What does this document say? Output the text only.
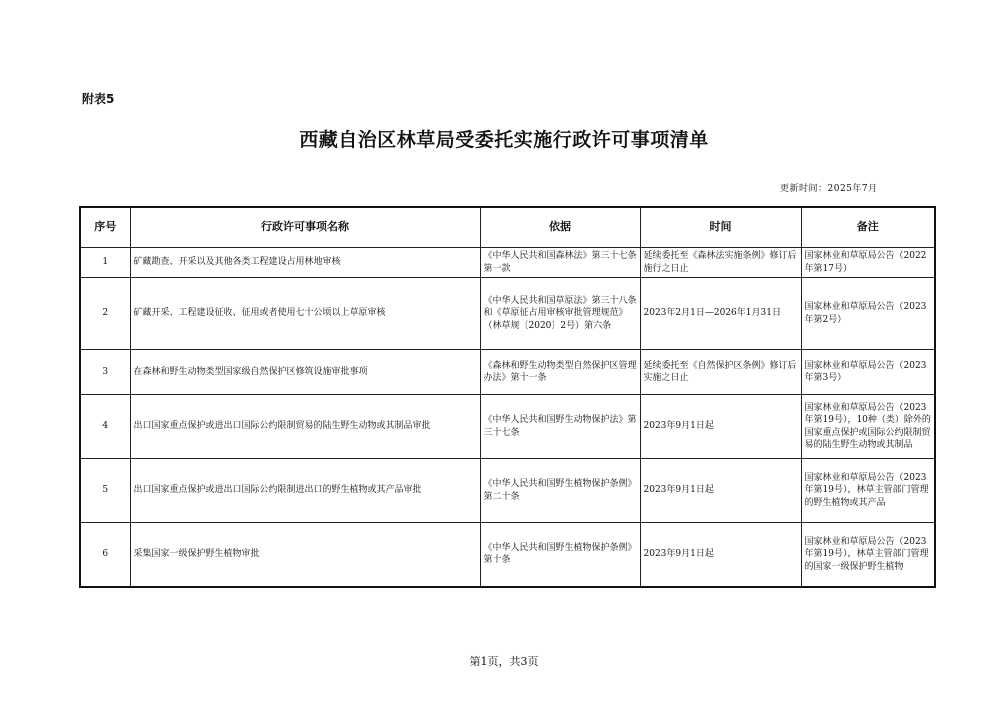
附表5
西藏自治区林草局受委托实施行政许可事项清单
更新时间：2025年7月
序号	行政许可事项名称	依据	时间	备注
1	矿藏勘查、开采以及其他各类工程建设占用林地审核	《中华人民共和国森林法》第三十七条第一款	延续委托至《森林法实施条例》修订后施行之日止	国家林业和草原局公告（2022年第17号）
2	矿藏开采、工程建设征收、征用或者使用七十公顷以上草原审核	《中华人民共和国草原法》第三十八条和《草原征占用审核审批管理规范》（林草规〔2020〕2号）第六条	2023年2月1日—2026年1月31日	国家林业和草原局公告（2023年第2号）
3	在森林和野生动物类型国家级自然保护区修筑设施审批事项	《森林和野生动物类型自然保护区管理办法》第十一条	延续委托至《自然保护区条例》修订后实施之日止	国家林业和草原局公告（2023年第3号）
4	出口国家重点保护或进出口国际公约限制贸易的陆生野生动物或其制品审批	《中华人民共和国野生动物保护法》第三十七条	2023年9月1日起	国家林业和草原局公告（2023年第19号），10种（类）除外的国家重点保护或国际公约限制贸易的陆生野生动物或其制品
5	出口国家重点保护或进出口国际公约限制进出口的野生植物或其产品审批	《中华人民共和国野生植物保护条例》第二十条	2023年9月1日起	国家林业和草原局公告（2023年第19号），林草主管部门管理的野生植物或其产品
6	采集国家一级保护野生植物审批	《中华人民共和国野生植物保护条例》第十条	2023年9月1日起	国家林业和草原局公告（2023年第19号），林草主管部门管理的国家一级保护野生植物
第1页，共3页
